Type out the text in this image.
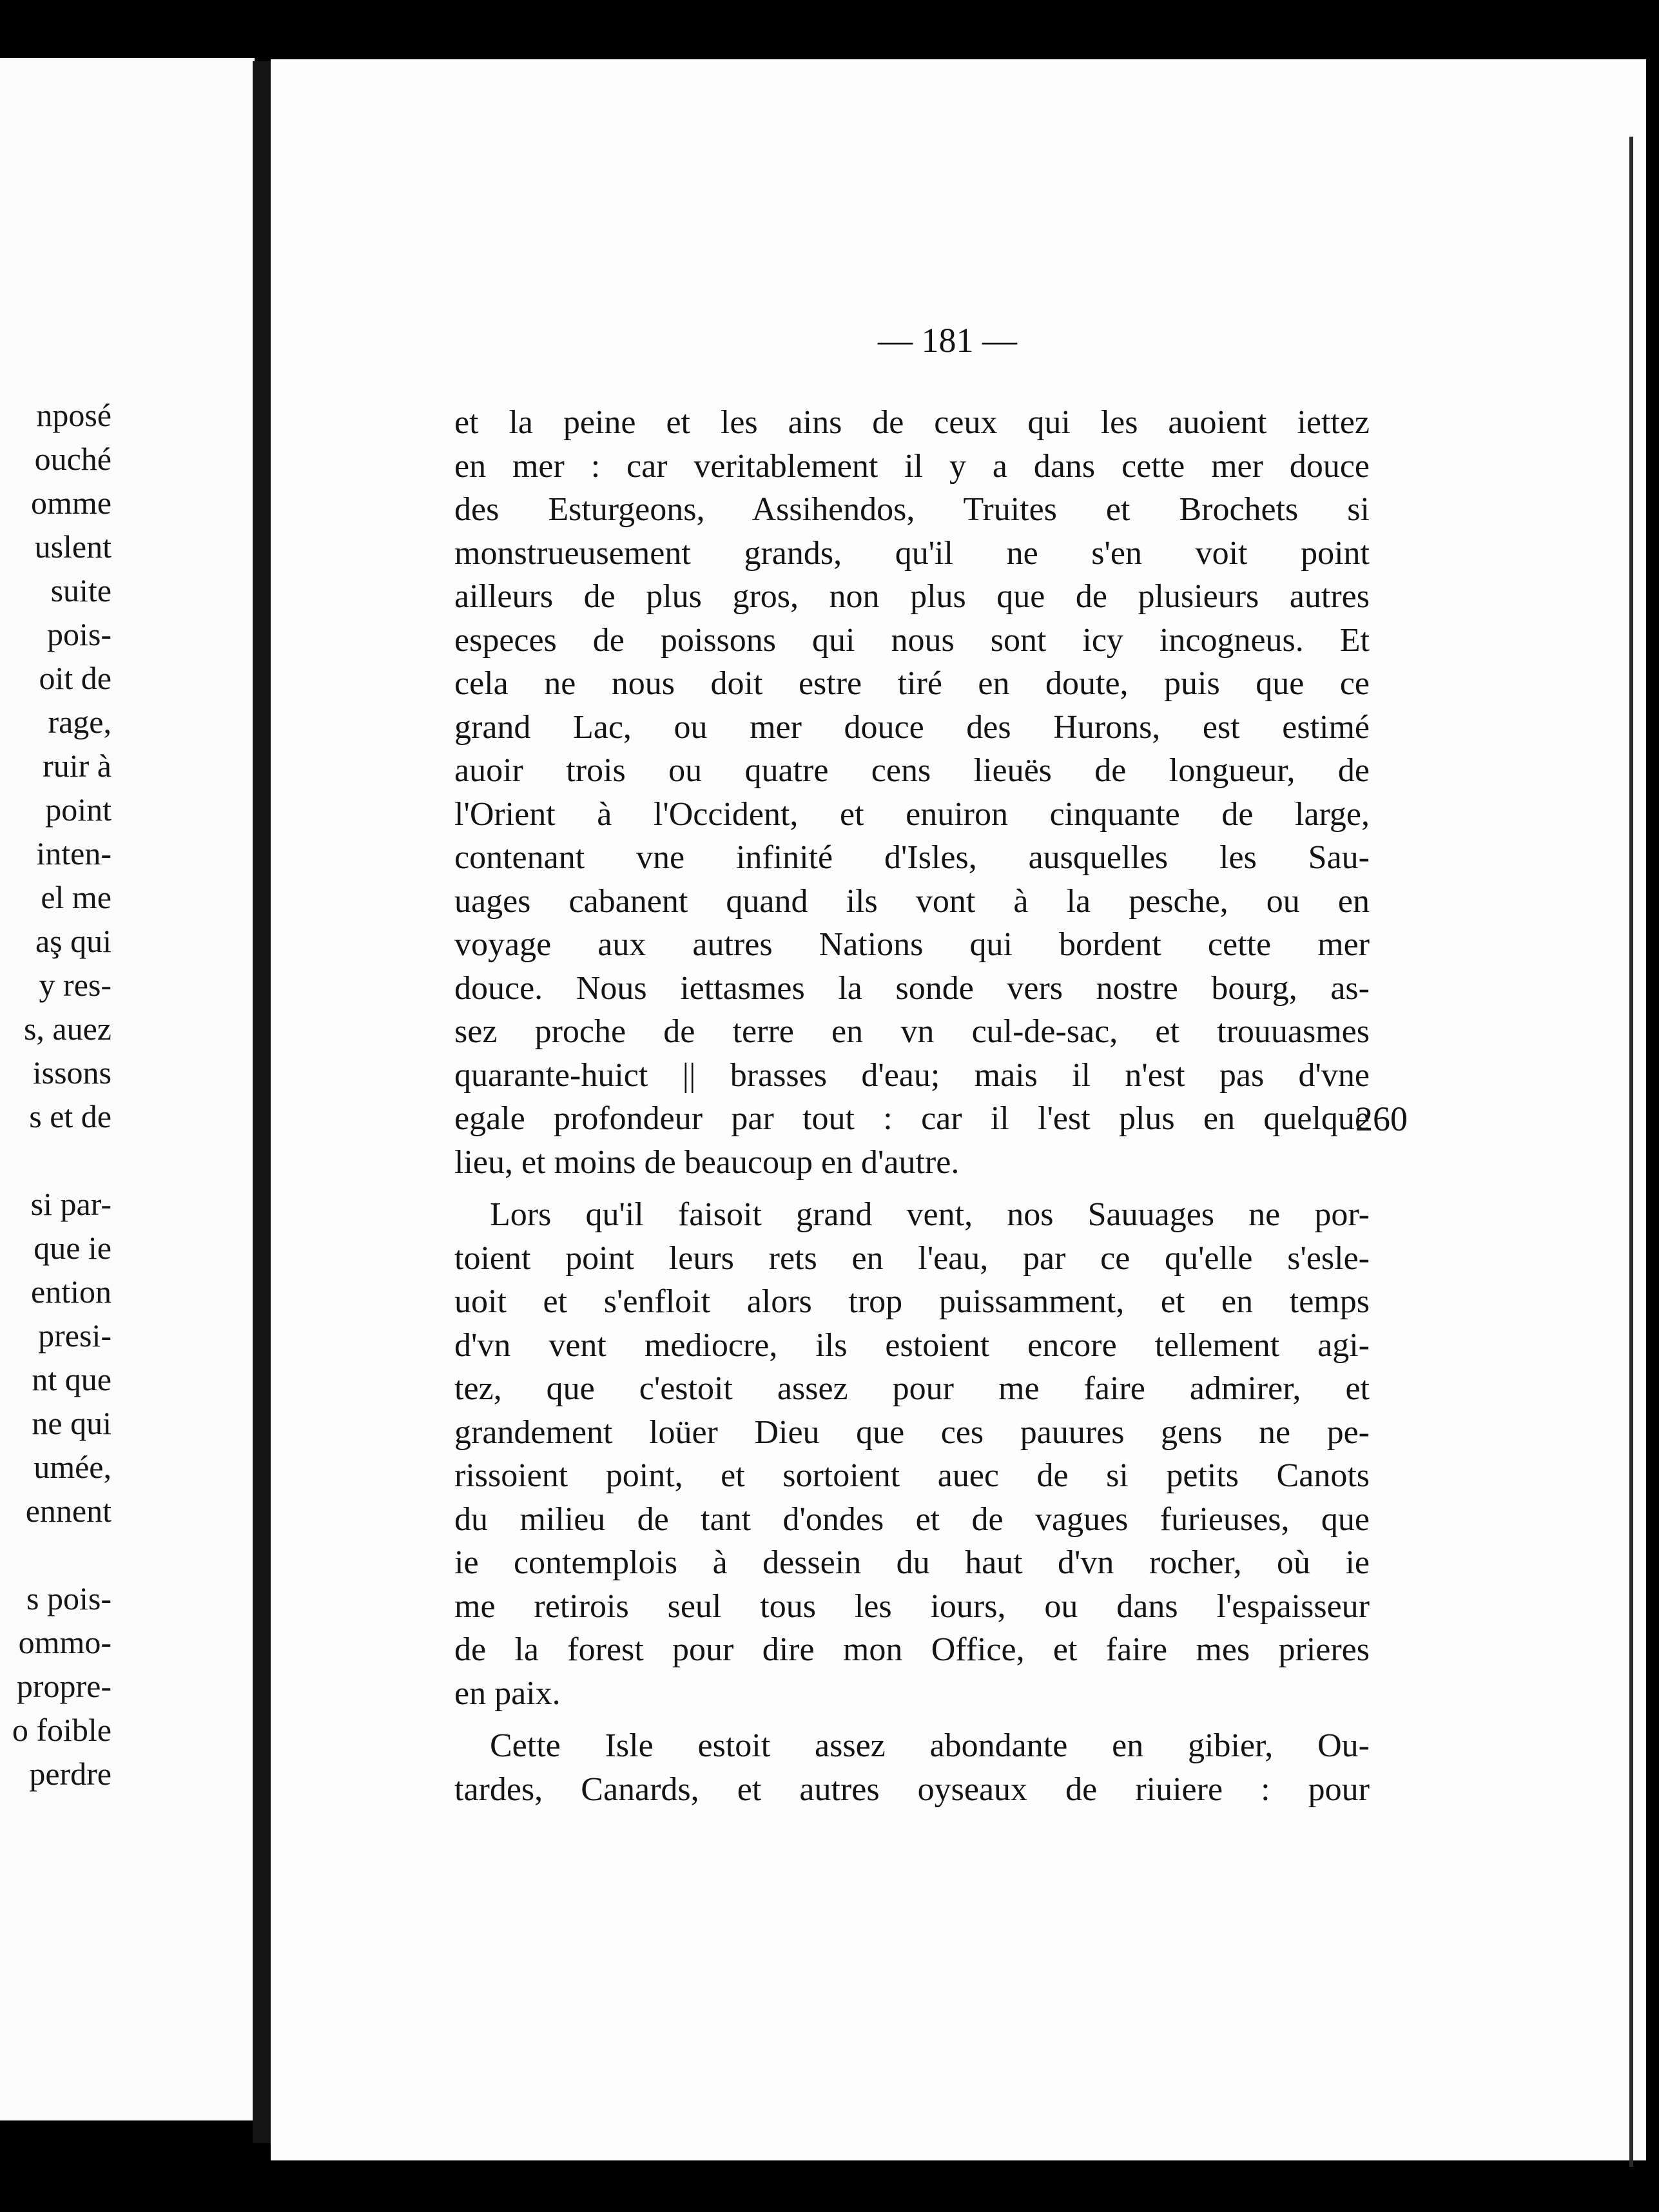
nposé
ouché
omme
uslent
suite
pois-
oit de
rage,
ruir à
point
inten-
el me
aş qui
y res-
s, auez
issons
s et de
si par-
que ie
ention
presi-
nt que
ne qui
umée,
ennent
s pois-
ommo-
propre-
o foible
perdre
— 181 —
et la peine et les ains de ceux qui les auoient iettez
en mer : car veritablement il y a dans cette mer douce
des Esturgeons, Assihendos, Truites et Brochets si
monstrueusement grands, qu'il ne s'en voit point
ailleurs de plus gros, non plus que de plusieurs autres
especes de poissons qui nous sont icy incogneus. Et
cela ne nous doit estre tiré en doute, puis que ce
grand Lac, ou mer douce des Hurons, est estimé
auoir trois ou quatre cens lieuës de longueur, de
l'Orient à l'Occident, et enuiron cinquante de large,
contenant vne infinité d'Isles, ausquelles les Sau-
uages cabanent quand ils vont à la pesche, ou en
voyage aux autres Nations qui bordent cette mer
douce. Nous iettasmes la sonde vers nostre bourg, as-
sez proche de terre en vn cul-de-sac, et trouuasmes
quarante-huict || brasses d'eau; mais il n'est pas d'vne
egale profondeur par tout : car il l'est plus en quelque
lieu, et moins de beaucoup en d'autre.
Lors qu'il faisoit grand vent, nos Sauuages ne por-
toient point leurs rets en l'eau, par ce qu'elle s'esle-
uoit et s'enfloit alors trop puissamment, et en temps
d'vn vent mediocre, ils estoient encore tellement agi-
tez, que c'estoit assez pour me faire admirer, et
grandement loüer Dieu que ces pauures gens ne pe-
rissoient point, et sortoient auec de si petits Canots
du milieu de tant d'ondes et de vagues furieuses, que
ie contemplois à dessein du haut d'vn rocher, où ie
me retirois seul tous les iours, ou dans l'espaisseur
de la forest pour dire mon Office, et faire mes prieres
en paix.
Cette Isle estoit assez abondante en gibier, Ou-
tardes, Canards, et autres oyseaux de riuiere : pour
260
